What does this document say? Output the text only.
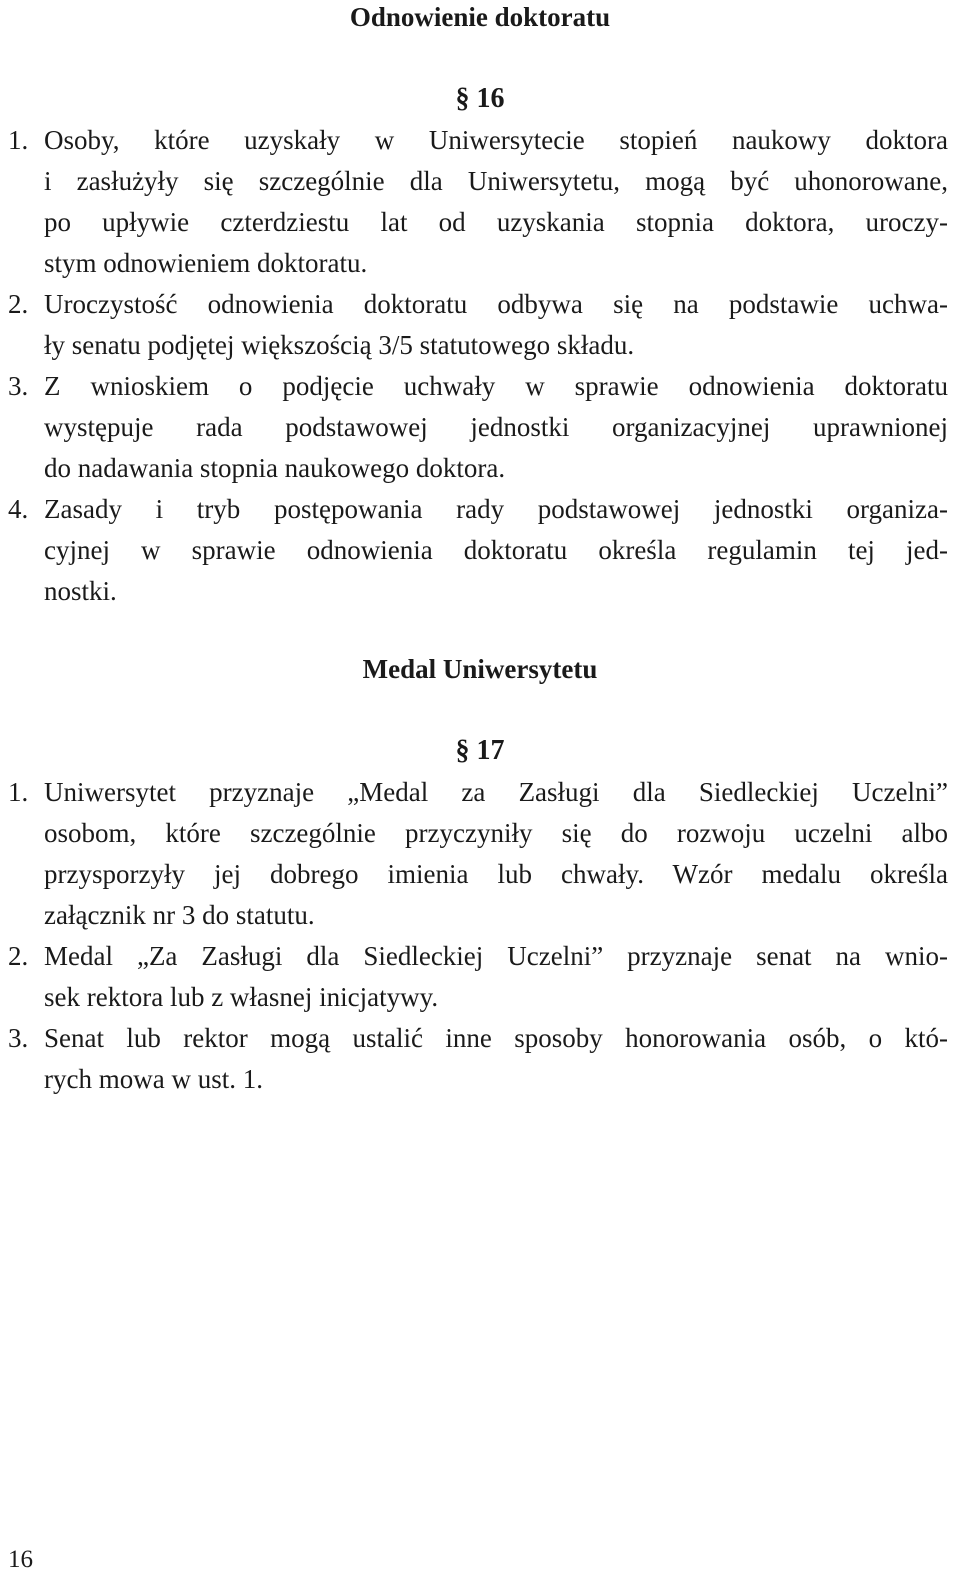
Odnowienie doktoratu
§ 16
1. Osoby, które uzyskały w Uniwersytecie stopień naukowy doktora
i zasłużyły się szczególnie dla Uniwersytetu, mogą być uhonorowane,
po upływie czterdziestu lat od uzyskania stopnia doktora, uroczy-
stym odnowieniem doktoratu.
2. Uroczystość odnowienia doktoratu odbywa się na podstawie uchwa-
ły senatu podjętej większością 3/5 statutowego składu.
3. Z wnioskiem o podjęcie uchwały w sprawie odnowienia doktoratu
występuje rada podstawowej jednostki organizacyjnej uprawnionej
do nadawania stopnia naukowego doktora.
4. Zasady i tryb postępowania rady podstawowej jednostki organiza-
cyjnej w sprawie odnowienia doktoratu określa regulamin tej jed-
nostki.
Medal Uniwersytetu
§ 17
1. Uniwersytet przyznaje „Medal za Zasługi dla Siedleckiej Uczelni”
osobom, które szczególnie przyczyniły się do rozwoju uczelni albo
przysporzyły jej dobrego imienia lub chwały. Wzór medalu określa
załącznik nr 3 do statutu.
2. Medal „Za Zasługi dla Siedleckiej Uczelni” przyznaje senat na wnio-
sek rektora lub z własnej inicjatywy.
3. Senat lub rektor mogą ustalić inne sposoby honorowania osób, o któ-
rych mowa w ust. 1.
16
